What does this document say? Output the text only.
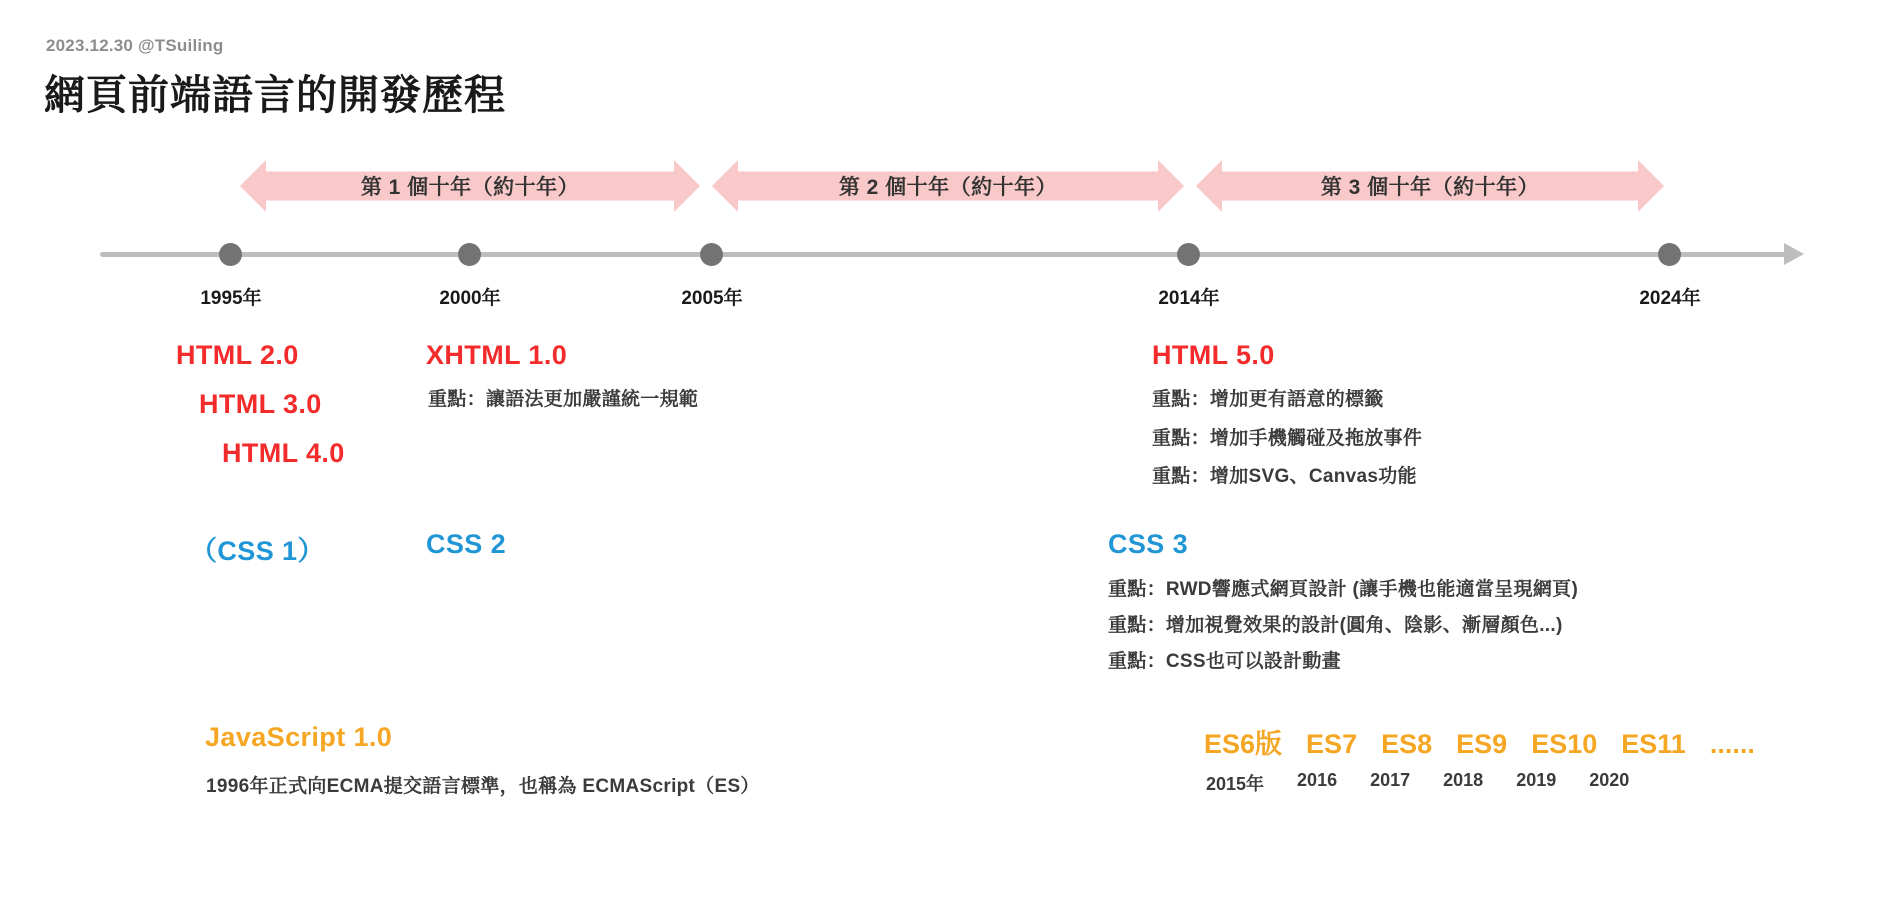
2023.12.30 @TSuiling
網頁前端語言的開發歷程
第 1 個十年（約十年）	第 2 個十年（約十年）	第 3 個十年（約十年）
1995年	2000年	2005年	2014年	2024年
HTML 2.0
HTML 3.0
HTML 4.0
（CSS 1）
XHTML 1.0
重點：讓語法更加嚴謹統一規範
CSS 2
JavaScript 1.0
1996年正式向ECMA提交語言標準，也稱為 ECMAScript（ES）
HTML 5.0
重點：增加更有語意的標籤
重點：增加手機觸碰及拖放事件
重點：增加SVG、Canvas功能
CSS 3
重點：RWD響應式網頁設計 (讓手機也能適當呈現網頁)
重點：增加視覺效果的設計(圓角、陰影、漸層顏色...)
重點：CSS也可以設計動畫
ES6版 ES7 ES8 ES9 ES10 ES11 ......
2015年 2016 2017 2018 2019 2020
